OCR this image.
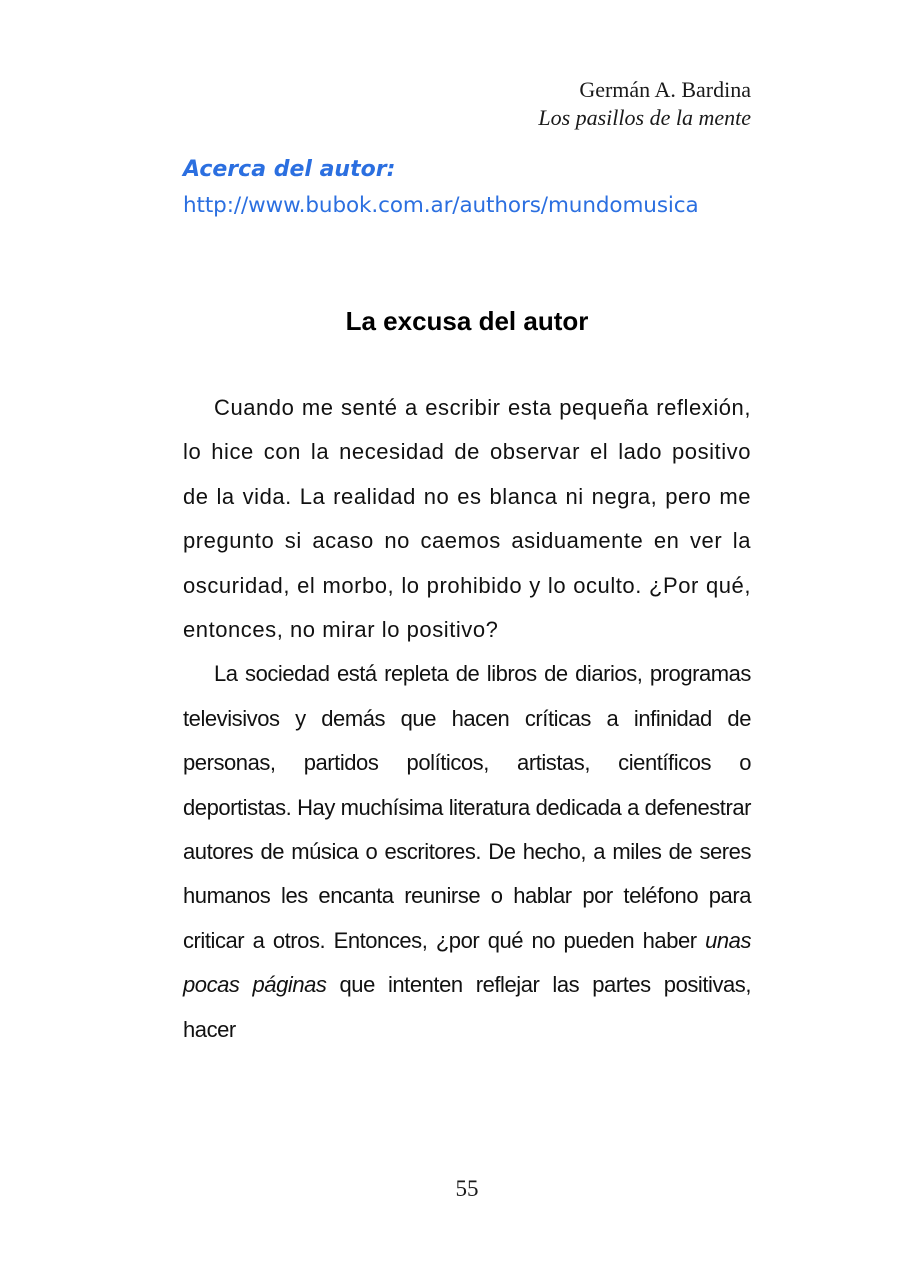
Germán A. Bardina
Los pasillos de la mente
Acerca del autor:
http://www.bubok.com.ar/authors/mundomusica
La excusa del autor

Cuando me senté a escribir esta pequeña reflexión, lo hice con la necesidad de observar el lado positivo de la vida. La realidad no es blanca ni negra, pero me pregunto si acaso no caemos asiduamente en ver la oscuridad, el morbo, lo prohibido y lo oculto. ¿Por qué, entonces, no mirar lo positivo?

La sociedad está repleta de libros de diarios, programas televisivos y demás que hacen críticas a infinidad de personas, partidos políticos, artistas, científicos o deportistas. Hay muchísima literatura dedicada a defenestrar autores de música o escritores. De hecho, a miles de seres humanos les encanta reunirse o hablar por teléfono para criticar a otros. Entonces, ¿por qué no pueden haber unas pocas páginas que intenten reflejar las partes positivas, hacer

55
